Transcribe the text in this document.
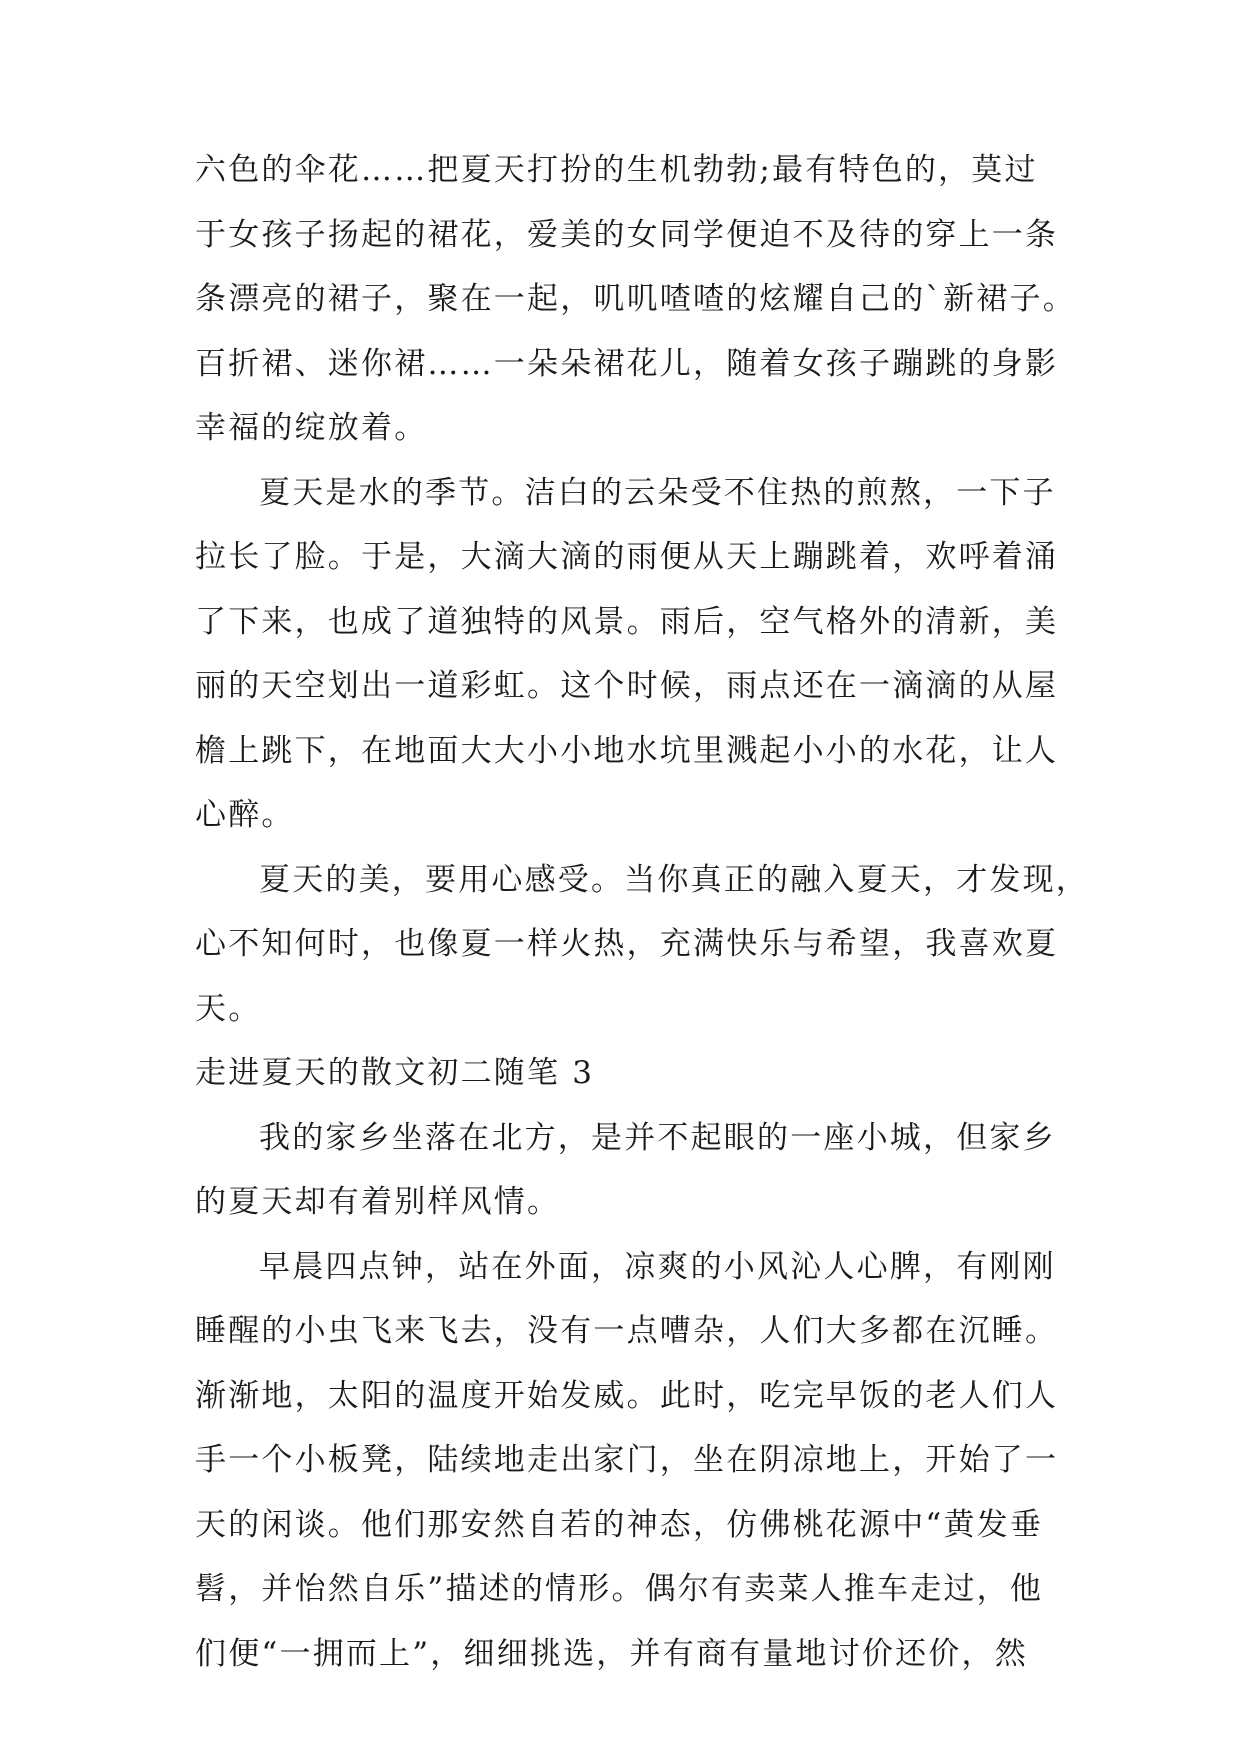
六色的伞花……把夏天打扮的生机勃勃;最有特色的，莫过
于女孩子扬起的裙花，爱美的女同学便迫不及待的穿上一条
条漂亮的裙子，聚在一起，叽叽喳喳的炫耀自己的`新裙子。
百折裙、迷你裙……一朵朵裙花儿，随着女孩子蹦跳的身影
幸福的绽放着。
夏天是水的季节。洁白的云朵受不住热的煎熬，一下子
拉长了脸。于是，大滴大滴的雨便从天上蹦跳着，欢呼着涌
了下来，也成了道独特的风景。雨后，空气格外的清新，美
丽的天空划出一道彩虹。这个时候，雨点还在一滴滴的从屋
檐上跳下，在地面大大小小地水坑里溅起小小的水花，让人
心醉。
夏天的美，要用心感受。当你真正的融入夏天，才发现，
心不知何时，也像夏一样火热，充满快乐与希望，我喜欢夏
天。
走进夏天的散文初二随笔 3
我的家乡坐落在北方，是并不起眼的一座小城，但家乡
的夏天却有着别样风情。
早晨四点钟，站在外面，凉爽的小风沁人心脾，有刚刚
睡醒的小虫飞来飞去，没有一点嘈杂，人们大多都在沉睡。
渐渐地，太阳的温度开始发威。此时，吃完早饭的老人们人
手一个小板凳，陆续地走出家门，坐在阴凉地上，开始了一
天的闲谈。他们那安然自若的神态，仿佛桃花源中“黄发垂
髫，并怡然自乐”描述的情形。偶尔有卖菜人推车走过，他
们便“一拥而上”，细细挑选，并有商有量地讨价还价，然
